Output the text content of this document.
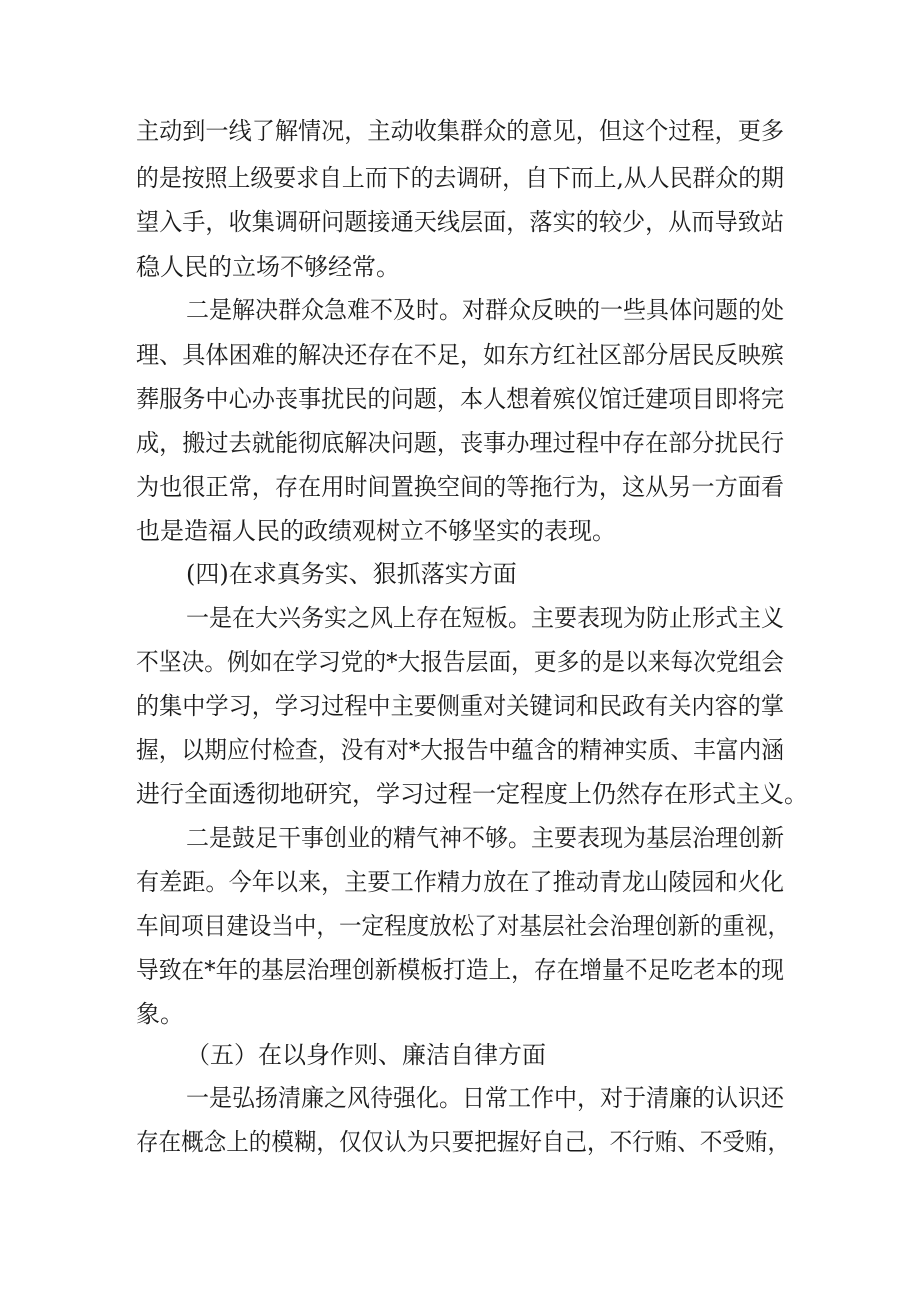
主动到一线了解情况，主动收集群众的意见，但这个过程，更多
的是按照上级要求自上而下的去调研，自下而上,从人民群众的期
望入手，收集调研问题接通天线层面，落实的较少，从而导致站
稳人民的立场不够经常。
二是解决群众急难不及时。对群众反映的一些具体问题的处
理、具体困难的解决还存在不足，如东方红社区部分居民反映殡
葬服务中心办丧事扰民的问题，本人想着殡仪馆迁建项目即将完
成，搬过去就能彻底解决问题，丧事办理过程中存在部分扰民行
为也很正常，存在用时间置换空间的等拖行为，这从另一方面看
也是造福人民的政绩观树立不够坚实的表现。
(四)在求真务实、狠抓落实方面
一是在大兴务实之风上存在短板。主要表现为防止形式主义
不坚决。例如在学习党的*大报告层面，更多的是以来每次党组会
的集中学习，学习过程中主要侧重对关键词和民政有关内容的掌
握，以期应付检查，没有对*大报告中蕴含的精神实质、丰富内涵
进行全面透彻地研究，学习过程一定程度上仍然存在形式主义。
二是鼓足干事创业的精气神不够。主要表现为基层治理创新
有差距。今年以来，主要工作精力放在了推动青龙山陵园和火化
车间项目建设当中，一定程度放松了对基层社会治理创新的重视，
导致在*年的基层治理创新模板打造上，存在增量不足吃老本的现
象。
（五）在以身作则、廉洁自律方面
一是弘扬清廉之风待强化。日常工作中，对于清廉的认识还
存在概念上的模糊，仅仅认为只要把握好自己，不行贿、不受贿，
